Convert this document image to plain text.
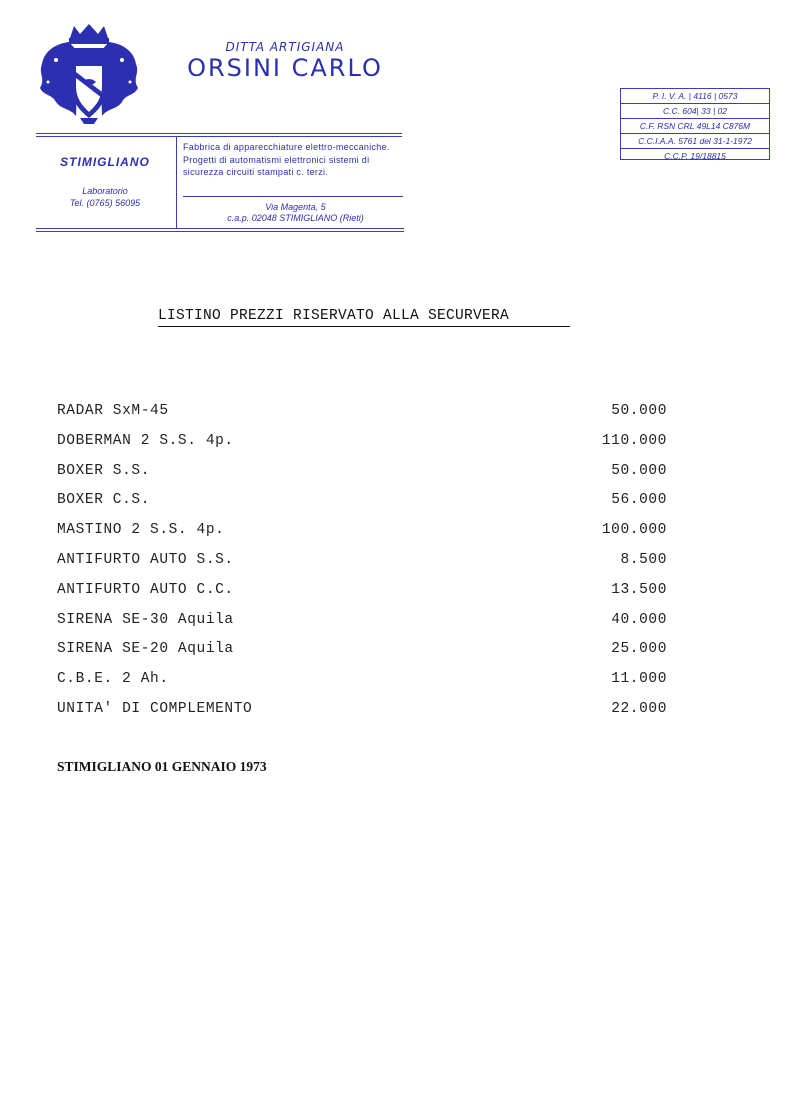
DITTA ARTIGIANA
ORSINI CARLO
STIMIGLIANO
Laboratorio
Tel. (0765) 56095
Fabbrica di apparecchiature elettro-meccaniche. Progetti di automatismi elettronici sistemi di sicurezza circuiti stampati c. terzi.
Via Magenta, 5
c.a.p. 02048 STIMIGLIANO (Rieti)
P. I. V. A. | 4116 | 0573
C.C. 604| 33 | 02
C.F. RSN CRL 49L14 C876M
C.C.I.A.A. 5761 del 31-1-1972
C.C.P. 19/18815
LISTINO PREZZI RISERVATO ALLA SECURVERA
RADAR SxM-45	50.000
DOBERMAN 2 S.S. 4p.	110.000
BOXER S.S.	50.000
BOXER C.S.	56.000
MASTINO 2 S.S. 4p.	100.000
ANTIFURTO AUTO S.S.	8.500
ANTIFURTO AUTO C.C.	13.500
SIRENA SE-30 Aquila	40.000
SIRENA SE-20 Aquila	25.000
C.B.E. 2 Ah.	11.000
UNITA' DI COMPLEMENTO	22.000
STIMIGLIANO 01 GENNAIO 1973
